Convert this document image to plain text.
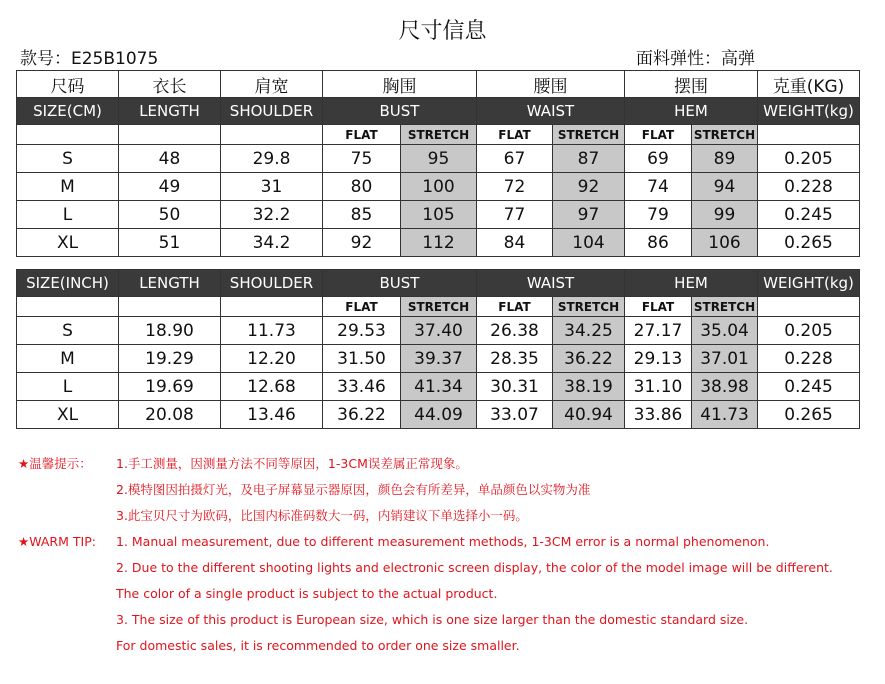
尺寸信息
款号：E25B1075	面料弹性：高弹
尺码	衣长	肩宽	胸围		腰围		摆围		克重(KG)
SIZE(CM)	LENGTH	SHOULDER	BUST		WAIST		HEM		WEIGHT(kg)
			FLAT	STRETCH	FLAT	STRETCH	FLAT	STRETCH	
S	48	29.8	75	95	67	87	69	89	0.205
M	49	31	80	100	72	92	74	94	0.228
L	50	32.2	85	105	77	97	79	99	0.245
XL	51	34.2	92	112	84	104	86	106	0.265
SIZE(INCH)	LENGTH	SHOULDER	BUST		WAIST		HEM		WEIGHT(kg)
			FLAT	STRETCH	FLAT	STRETCH	FLAT	STRETCH	
S	18.90	11.73	29.53	37.40	26.38	34.25	27.17	35.04	0.205
M	19.29	12.20	31.50	39.37	28.35	36.22	29.13	37.01	0.228
L	19.69	12.68	33.46	41.34	30.31	38.19	31.10	38.98	0.245
XL	20.08	13.46	36.22	44.09	33.07	40.94	33.86	41.73	0.265
★温馨提示： 1.手工测量，因测量方法不同等原因，1-3CM误差属正常现象。
2.模特图因拍摄灯光，及电子屏幕显示器原因，颜色会有所差异，单品颜色以实物为准
3.此宝贝尺寸为欧码，比国内标准码数大一码，内销建议下单选择小一码。
★WARM TIP: 1. Manual measurement, due to different measurement methods, 1-3CM error is a normal phenomenon.
2. Due to the different shooting lights and electronic screen display, the color of the model image will be different.
The color of a single product is subject to the actual product.
3. The size of this product is European size, which is one size larger than the domestic standard size.
For domestic sales, it is recommended to order one size smaller.
